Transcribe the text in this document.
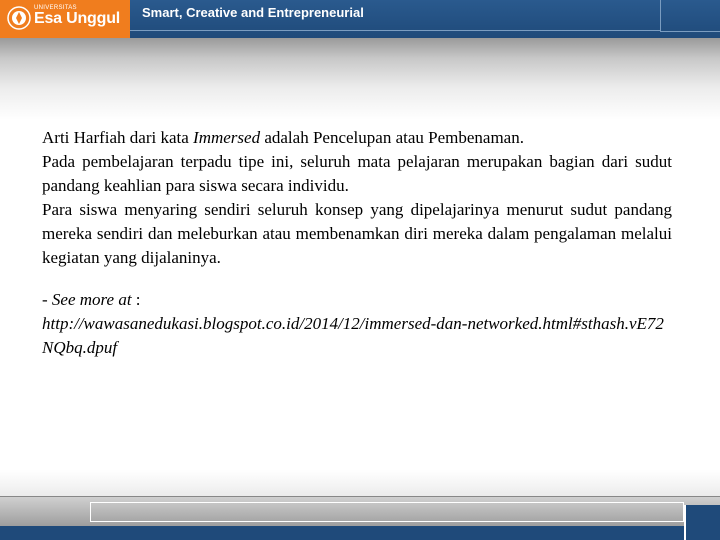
UNIVERSITAS
Esa Unggul Smart, Creative and Entrepreneurial

Arti Harfiah dari kata Immersed adalah Pencelupan atau Pembenaman.

Pada pembelajaran terpadu tipe ini, seluruh mata pelajaran merupakan bagian dari sudut pandang keahlian para siswa secara individu.

Para siswa menyaring sendiri seluruh konsep yang dipelajarinya menurut sudut pandang mereka sendiri dan meleburkan atau membenamkan diri mereka dalam pengalaman melalui kegiatan yang dijalaninya.

- See more at :

http://wawasanedukasi.blogspot.co.id/2014/12/immersed-dan-networked.html#sthash.vE72NQbq.dpuf
